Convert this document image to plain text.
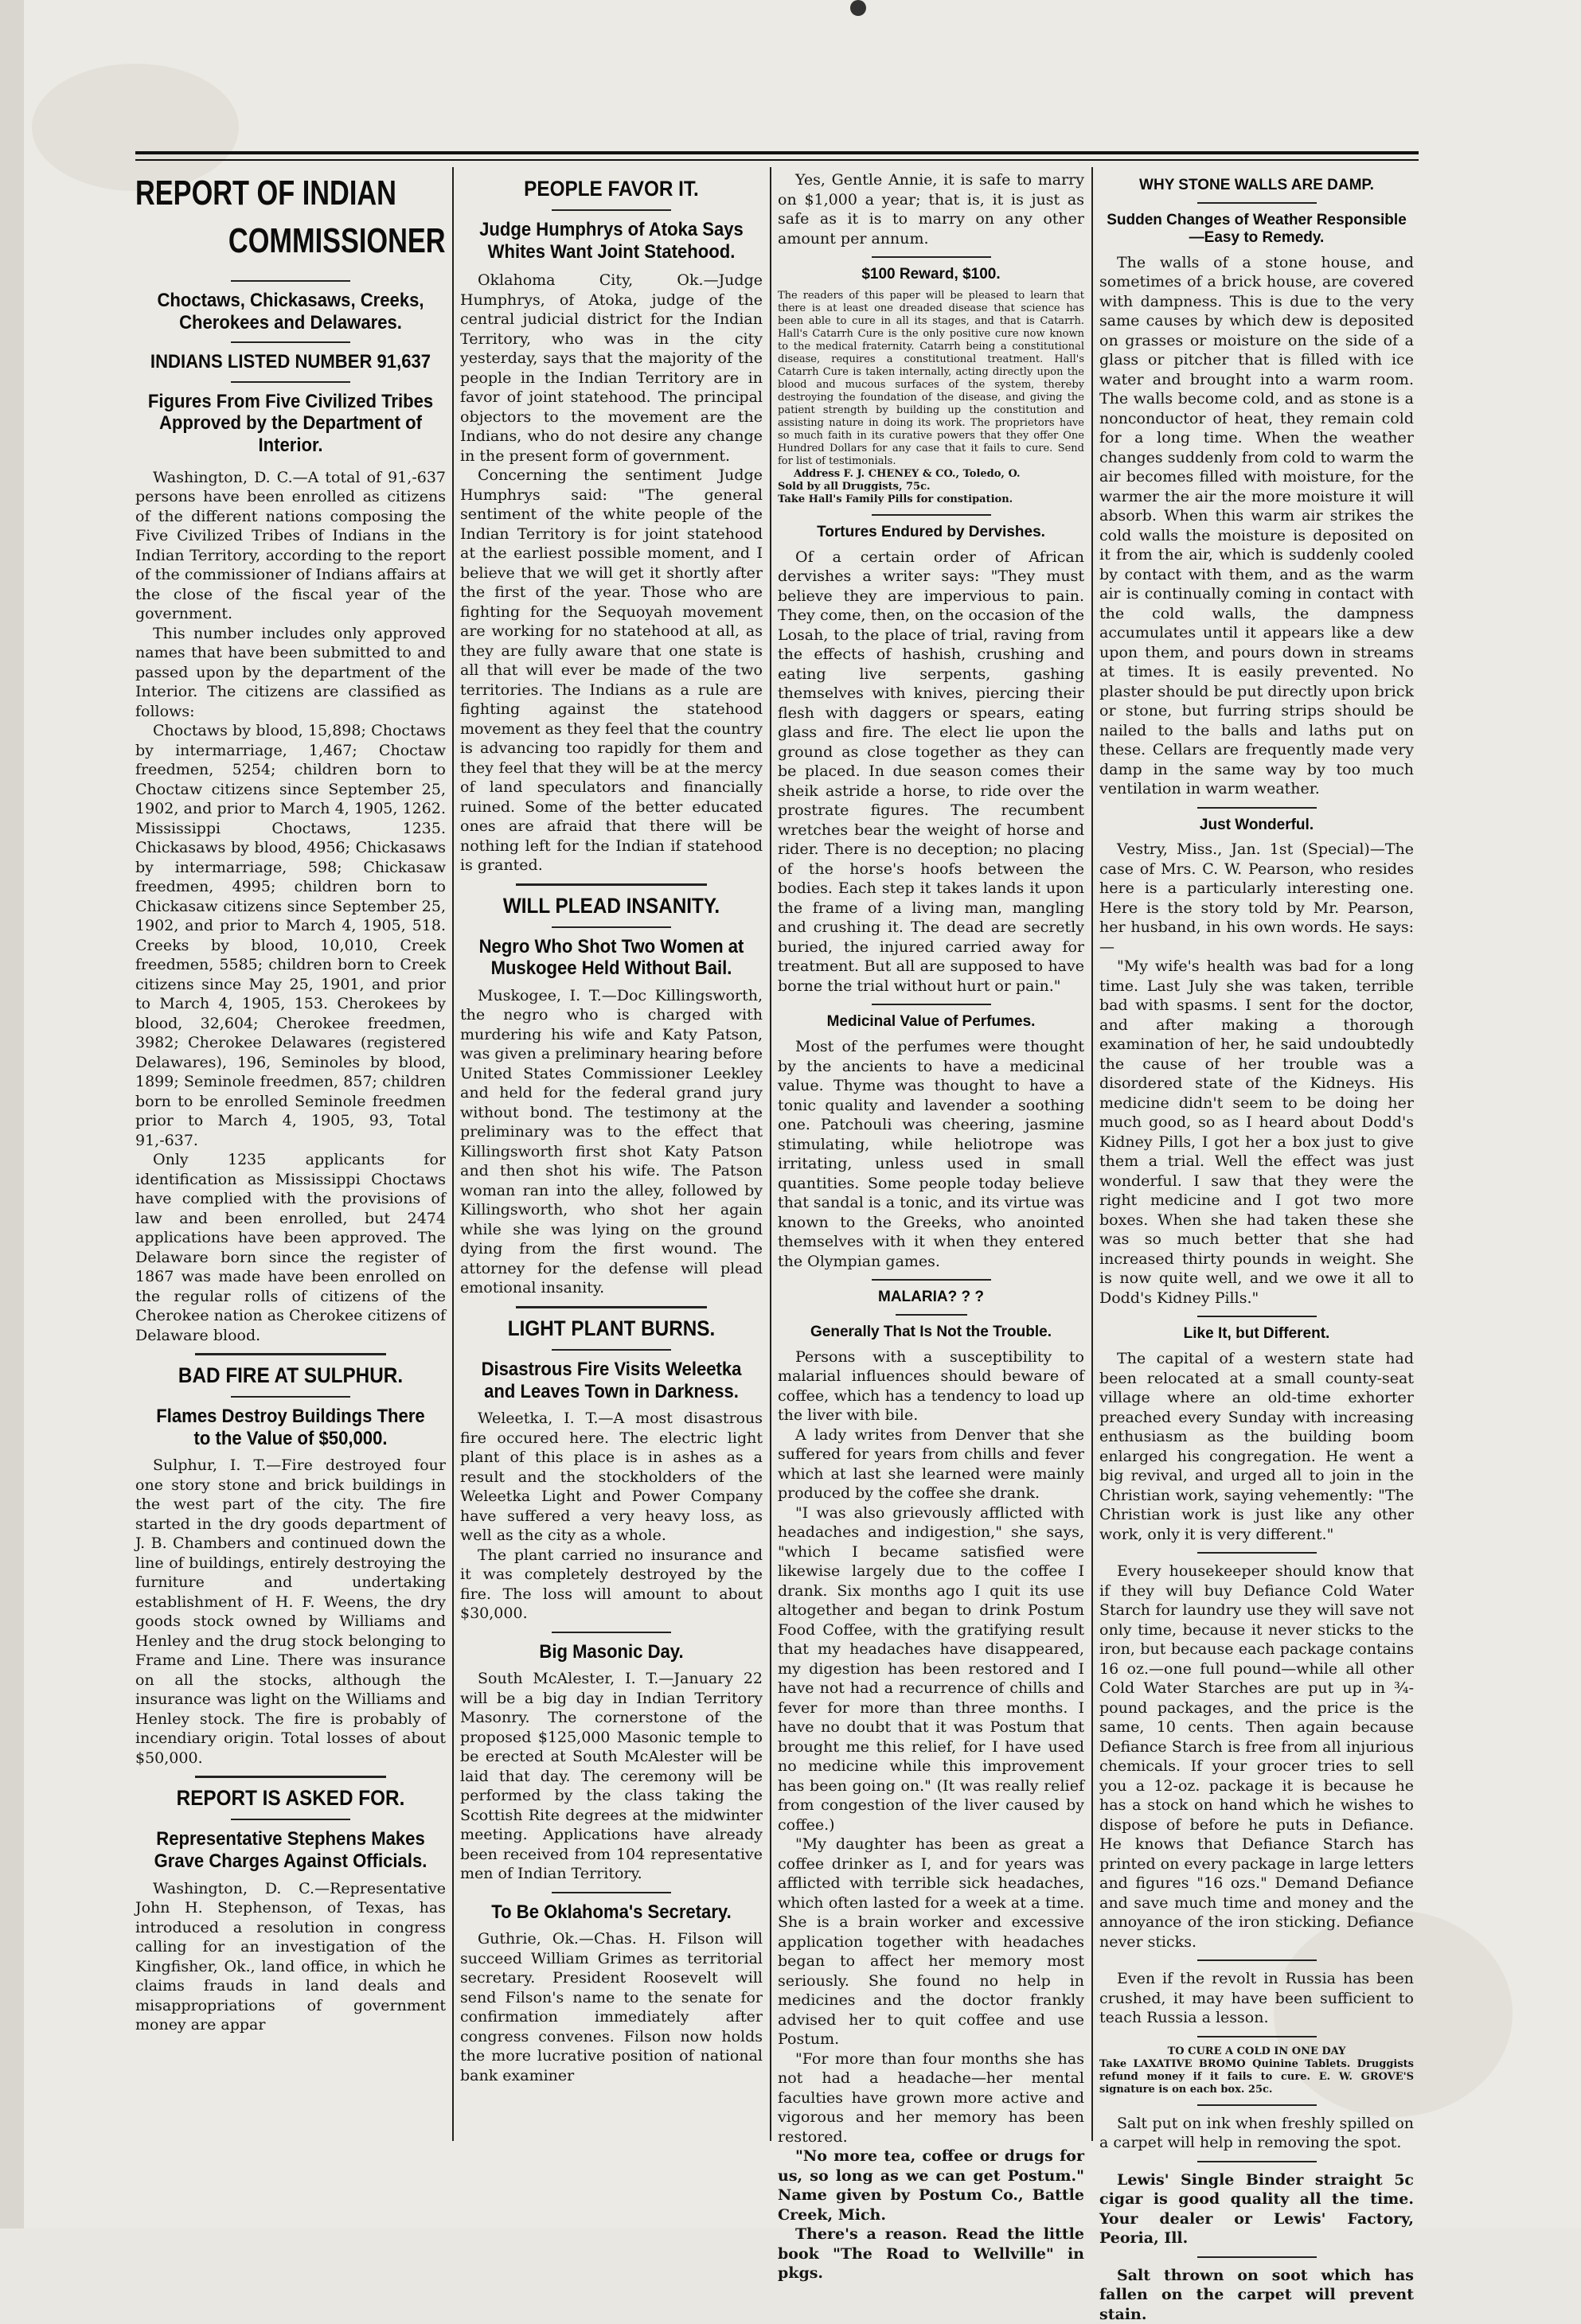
REPORT OF INDIAN

COMMISSIONER

Choctaws, Chickasaws, Creeks, Cherokees and Delawares.

INDIANS LISTED NUMBER 91,637

Figures From Five Civilized Tribes Approved by the Department of Interior.

Washington, D. C.—A total of 91,-637 persons have been enrolled as citizens of the different nations composing the Five Civilized Tribes of Indians in the Indian Territory, according to the report of the commissioner of Indians affairs at the close of the fiscal year of the government.

This number includes only approved names that have been submitted to and passed upon by the department of the Interior. The citizens are classified as follows:

Choctaws by blood, 15,898; Choctaws by intermarriage, 1,467; Choctaw freedmen, 5254; children born to Choctaw citizens since September 25, 1902, and prior to March 4, 1905, 1262. Mississippi Choctaws, 1235. Chickasaws by blood, 4956; Chickasaws by intermarriage, 598; Chickasaw freedmen, 4995; children born to Chickasaw citizens since September 25, 1902, and prior to March 4, 1905, 518. Creeks by blood, 10,010, Creek freedmen, 5585; children born to Creek citizens since May 25, 1901, and prior to March 4, 1905, 153. Cherokees by blood, 32,604; Cherokee freedmen, 3982; Cherokee Delawares (registered Delawares), 196, Seminoles by blood, 1899; Seminole freedmen, 857; children born to be enrolled Seminole freedmen prior to March 4, 1905, 93, Total 91,-637.

Only 1235 applicants for identification as Mississippi Choctaws have complied with the provisions of law and been enrolled, but 2474 applications have been approved. The Delaware born since the register of 1867 was made have been enrolled on the regular rolls of citizens of the Cherokee nation as Cherokee citizens of Delaware blood.

BAD FIRE AT SULPHUR.

Flames Destroy Buildings There to the Value of $50,000.

Sulphur, I. T.—Fire destroyed four one story stone and brick buildings in the west part of the city. The fire started in the dry goods department of J. B. Chambers and continued down the line of buildings, entirely destroying the furniture and undertaking establishment of H. F. Weens, the dry goods stock owned by Williams and Henley and the drug stock belonging to Frame and Line. There was insurance on all the stocks, although the insurance was light on the Williams and Henley stock. The fire is probably of incendiary origin. Total losses of about $50,000.

REPORT IS ASKED FOR.

Representative Stephens Makes Grave Charges Against Officials.

Washington, D. C.—Representative John H. Stephenson, of Texas, has introduced a resolution in congress calling for an investigation of the Kingfisher, Ok., land office, in which he claims frauds in land deals and misappropriations of government money are appar

PEOPLE FAVOR IT.

Judge Humphrys of Atoka Says Whites Want Joint Statehood.

Oklahoma City, Ok.—Judge Humphrys, of Atoka, judge of the central judicial district for the Indian Territory, who was in the city yesterday, says that the majority of the people in the Indian Territory are in favor of joint statehood. The principal objectors to the movement are the Indians, who do not desire any change in the present form of government.

Concerning the sentiment Judge Humphrys said: "The general sentiment of the white people of the Indian Territory is for joint statehood at the earliest possible moment, and I believe that we will get it shortly after the first of the year. Those who are fighting for the Sequoyah movement are working for no statehood at all, as they are fully aware that one state is all that will ever be made of the two territories. The Indians as a rule are fighting against the statehood movement as they feel that the country is advancing too rapidly for them and they feel that they will be at the mercy of land speculators and financially ruined. Some of the better educated ones are afraid that there will be nothing left for the Indian if statehood is granted.

WILL PLEAD INSANITY.

Negro Who Shot Two Women at Muskogee Held Without Bail.

Muskogee, I. T.—Doc Killingsworth, the negro who is charged with murdering his wife and Katy Patson, was given a preliminary hearing before United States Commissioner Leekley and held for the federal grand jury without bond. The testimony at the preliminary was to the effect that Killingsworth first shot Katy Patson and then shot his wife. The Patson woman ran into the alley, followed by Killingsworth, who shot her again while she was lying on the ground dying from the first wound. The attorney for the defense will plead emotional insanity.

LIGHT PLANT BURNS.

Disastrous Fire Visits Weleetka and Leaves Town in Darkness.

Weleetka, I. T.—A most disastrous fire occured here. The electric light plant of this place is in ashes as a result and the stockholders of the Weleetka Light and Power Company have suffered a very heavy loss, as well as the city as a whole.

The plant carried no insurance and it was completely destroyed by the fire. The loss will amount to about $30,000.

Big Masonic Day.

South McAlester, I. T.—January 22 will be a big day in Indian Territory Masonry. The cornerstone of the proposed $125,000 Masonic temple to be erected at South McAlester will be laid that day. The ceremony will be performed by the class taking the Scottish Rite degrees at the midwinter meeting. Applications have already been received from 104 representative men of Indian Territory.

To Be Oklahoma's Secretary.

Guthrie, Ok.—Chas. H. Filson will succeed William Grimes as territorial secretary. President Roosevelt will send Filson's name to the senate for confirmation immediately after congress convenes. Filson now holds the more lucrative position of national bank examiner

Yes, Gentle Annie, it is safe to marry on $1,000 a year; that is, it is just as safe as it is to marry on any other amount per annum.

$100 Reward, $100.

The readers of this paper will be pleased to learn that there is at least one dreaded disease that science has been able to cure in all its stages, and that is Catarrh. Hall's Catarrh Cure is the only positive cure now known to the medical fraternity. Catarrh being a constitutional disease, requires a constitutional treatment. Hall's Catarrh Cure is taken internally, acting directly upon the blood and mucous surfaces of the system, thereby destroying the foundation of the disease, and giving the patient strength by building up the constitution and assisting nature in doing its work. The proprietors have so much faith in its curative powers that they offer One Hundred Dollars for any case that it fails to cure. Send for list of testimonials.

Address F. J. CHENEY & CO., Toledo, O.

Sold by all Druggists, 75c.

Take Hall's Family Pills for constipation.

Tortures Endured by Dervishes.

Of a certain order of African dervishes a writer says: "They must believe they are impervious to pain. They come, then, on the occasion of the Losah, to the place of trial, raving from the effects of hashish, crushing and eating live serpents, gashing themselves with knives, piercing their flesh with daggers or spears, eating glass and fire. The elect lie upon the ground as close together as they can be placed. In due season comes their sheik astride a horse, to ride over the prostrate figures. The recumbent wretches bear the weight of horse and rider. There is no deception; no placing of the horse's hoofs between the bodies. Each step it takes lands it upon the frame of a living man, mangling and crushing it. The dead are secretly buried, the injured carried away for treatment. But all are supposed to have borne the trial without hurt or pain."

Medicinal Value of Perfumes.

Most of the perfumes were thought by the ancients to have a medicinal value. Thyme was thought to have a tonic quality and lavender a soothing one. Patchouli was cheering, jasmine stimulating, while heliotrope was irritating, unless used in small quantities. Some people today believe that sandal is a tonic, and its virtue was known to the Greeks, who anointed themselves with it when they entered the Olympian games.

MALARIA? ? ?

Generally That Is Not the Trouble.

Persons with a susceptibility to malarial influences should beware of coffee, which has a tendency to load up the liver with bile.

A lady writes from Denver that she suffered for years from chills and fever which at last she learned were mainly produced by the coffee she drank.

"I was also grievously afflicted with headaches and indigestion," she says, "which I became satisfied were likewise largely due to the coffee I drank. Six months ago I quit its use altogether and began to drink Postum Food Coffee, with the gratifying result that my headaches have disappeared, my digestion has been restored and I have not had a recurrence of chills and fever for more than three months. I have no doubt that it was Postum that brought me this relief, for I have used no medicine while this improvement has been going on." (It was really relief from congestion of the liver caused by coffee.)

"My daughter has been as great a coffee drinker as I, and for years was afflicted with terrible sick headaches, which often lasted for a week at a time. She is a brain worker and excessive application together with headaches began to affect her memory most seriously. She found no help in medicines and the doctor frankly advised her to quit coffee and use Postum.

"For more than four months she has not had a headache—her mental faculties have grown more active and vigorous and her memory has been restored.

"No more tea, coffee or drugs for us, so long as we can get Postum." Name given by Postum Co., Battle Creek, Mich.

There's a reason. Read the little book "The Road to Wellville" in pkgs.

WHY STONE WALLS ARE DAMP.

Sudden Changes of Weather Responsible—Easy to Remedy.

The walls of a stone house, and sometimes of a brick house, are covered with dampness. This is due to the very same causes by which dew is deposited on grasses or moisture on the side of a glass or pitcher that is filled with ice water and brought into a warm room. The walls become cold, and as stone is a nonconductor of heat, they remain cold for a long time. When the weather changes suddenly from cold to warm the air becomes filled with moisture, for the warmer the air the more moisture it will absorb. When this warm air strikes the cold walls the moisture is deposited on it from the air, which is suddenly cooled by contact with them, and as the warm air is continually coming in contact with the cold walls, the dampness accumulates until it appears like a dew upon them, and pours down in streams at times. It is easily prevented. No plaster should be put directly upon brick or stone, but furring strips should be nailed to the balls and laths put on these. Cellars are frequently made very damp in the same way by too much ventilation in warm weather.

Just Wonderful.

Vestry, Miss., Jan. 1st (Special)—The case of Mrs. C. W. Pearson, who resides here is a particularly interesting one. Here is the story told by Mr. Pearson, her husband, in his own words. He says:—

"My wife's health was bad for a long time. Last July she was taken, terrible bad with spasms. I sent for the doctor, and after making a thorough examination of her, he said undoubtedly the cause of her trouble was a disordered state of the Kidneys. His medicine didn't seem to be doing her much good, so as I heard about Dodd's Kidney Pills, I got her a box just to give them a trial. Well the effect was just wonderful. I saw that they were the right medicine and I got two more boxes. When she had taken these she was so much better that she had increased thirty pounds in weight. She is now quite well, and we owe it all to Dodd's Kidney Pills."

Like It, but Different.

The capital of a western state had been relocated at a small county-seat village where an old-time exhorter preached every Sunday with increasing enthusiasm as the building boom enlarged his congregation. He went a big revival, and urged all to join in the Christian work, saying vehemently: "The Christian work is just like any other work, only it is very different."

Every housekeeper should know that if they will buy Defiance Cold Water Starch for laundry use they will save not only time, because it never sticks to the iron, but because each package contains 16 oz.—one full pound—while all other Cold Water Starches are put up in ¾-pound packages, and the price is the same, 10 cents. Then again because Defiance Starch is free from all injurious chemicals. If your grocer tries to sell you a 12-oz. package it is because he has a stock on hand which he wishes to dispose of before he puts in Defiance. He knows that Defiance Starch has printed on every package in large letters and figures "16 ozs." Demand Defiance and save much time and money and the annoyance of the iron sticking. Defiance never sticks.

Even if the revolt in Russia has been crushed, it may have been sufficient to teach Russia a lesson.

TO CURE A COLD IN ONE DAY

Take LAXATIVE BROMO Quinine Tablets. Druggists refund money if it fails to cure. E. W. GROVE'S signature is on each box. 25c.

Salt put on ink when freshly spilled on a carpet will help in removing the spot.

Lewis' Single Binder straight 5c cigar is good quality all the time. Your dealer or Lewis' Factory, Peoria, Ill.

Salt thrown on soot which has fallen on the carpet will prevent stain.
